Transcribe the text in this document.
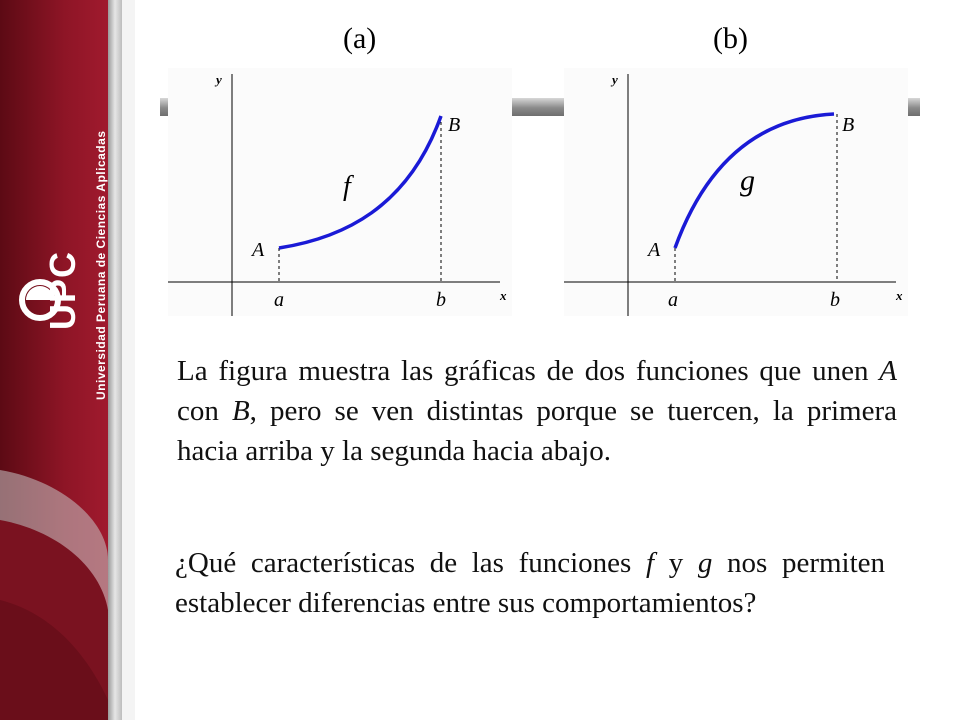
UPC Universidad Peruana de Ciencias Aplicadas
(a)	(b)
y
x
A
B
f
a	b
y
x
A
B
g
a	b
La figura muestra las gráficas de dos funciones que unen A con B, pero se ven distintas porque se tuercen, la primera hacia arriba y la segunda hacia abajo.
¿Qué características de las funciones f y g nos permiten establecer diferencias entre sus comportamientos?
